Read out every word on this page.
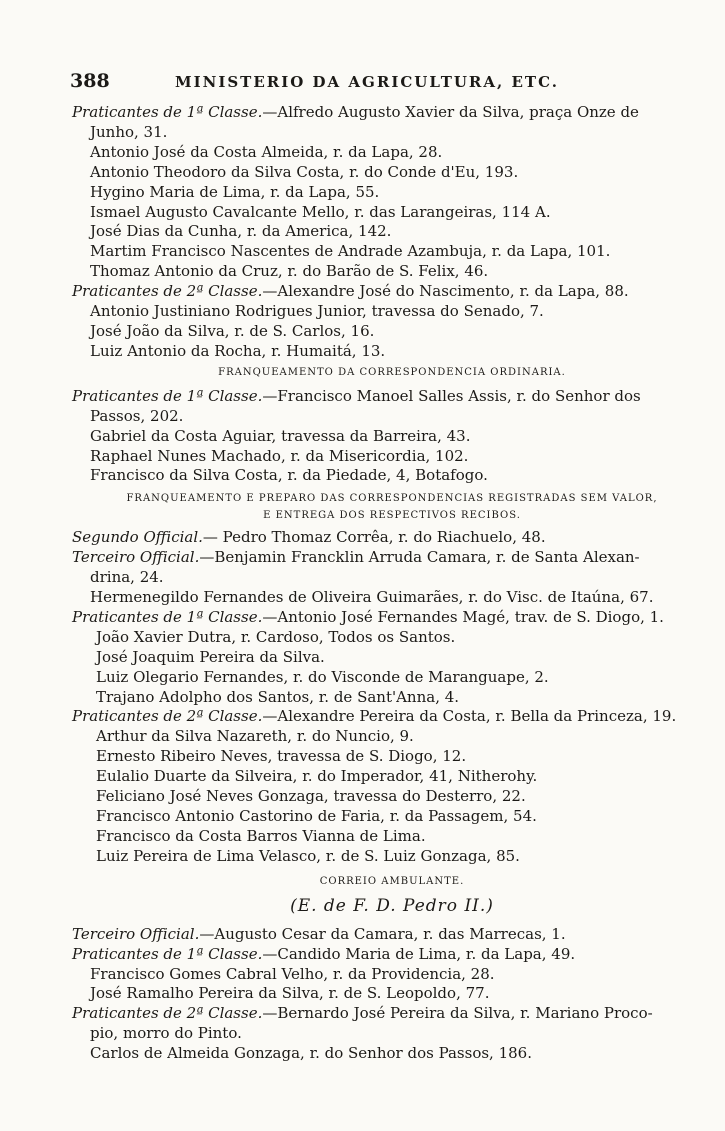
388	MINISTERIO DA AGRICULTURA, ETC.
Praticantes de 1ª Classe.—Alfredo Augusto Xavier da Silva, praça Onze de
Junho, 31.
Antonio José da Costa Almeida, r. da Lapa, 28.
Antonio Theodoro da Silva Costa, r. do Conde d'Eu, 193.
Hygino Maria de Lima, r. da Lapa, 55.
Ismael Augusto Cavalcante Mello, r. das Larangeiras, 114 A.
José Dias da Cunha, r. da America, 142.
Martim Francisco Nascentes de Andrade Azambuja, r. da Lapa, 101.
Thomaz Antonio da Cruz, r. do Barão de S. Felix, 46.
Praticantes de 2ª Classe.—Alexandre José do Nascimento, r. da Lapa, 88.
Antonio Justiniano Rodrigues Junior, travessa do Senado, 7.
José João da Silva, r. de S. Carlos, 16.
Luiz Antonio da Rocha, r. Humaitá, 13.
FRANQUEAMENTO DA CORRESPONDENCIA ORDINARIA.
Praticantes de 1ª Classe.—Francisco Manoel Salles Assis, r. do Senhor dos
Passos, 202.
Gabriel da Costa Aguiar, travessa da Barreira, 43.
Raphael Nunes Machado, r. da Misericordia, 102.
Francisco da Silva Costa, r. da Piedade, 4, Botafogo.
FRANQUEAMENTO E PREPARO DAS CORRESPONDENCIAS REGISTRADAS SEM VALOR,
E ENTREGA DOS RESPECTIVOS RECIBOS.
Segundo Official.— Pedro Thomaz Corrêa, r. do Riachuelo, 48.
Terceiro Official.—Benjamin Francklin Arruda Camara, r. de Santa Alexan-
drina, 24.
Hermenegildo Fernandes de Oliveira Guimarães, r. do Visc. de Itaúna, 67.
Praticantes de 1ª Classe.—Antonio José Fernandes Magé, trav. de S. Diogo, 1.
João Xavier Dutra, r. Cardoso, Todos os Santos.
José Joaquim Pereira da Silva.
Luiz Olegario Fernandes, r. do Visconde de Maranguape, 2.
Trajano Adolpho dos Santos, r. de Sant'Anna, 4.
Praticantes de 2ª Classe.—Alexandre Pereira da Costa, r. Bella da Princeza, 19.
Arthur da Silva Nazareth, r. do Nuncio, 9.
Ernesto Ribeiro Neves, travessa de S. Diogo, 12.
Eulalio Duarte da Silveira, r. do Imperador, 41, Nitherohy.
Feliciano José Neves Gonzaga, travessa do Desterro, 22.
Francisco Antonio Castorino de Faria, r. da Passagem, 54.
Francisco da Costa Barros Vianna de Lima.
Luiz Pereira de Lima Velasco, r. de S. Luiz Gonzaga, 85.
CORREIO AMBULANTE.
(E. de F. D. Pedro II.)
Terceiro Official.—Augusto Cesar da Camara, r. das Marrecas, 1.
Praticantes de 1ª Classe.—Candido Maria de Lima, r. da Lapa, 49.
Francisco Gomes Cabral Velho, r. da Providencia, 28.
José Ramalho Pereira da Silva, r. de S. Leopoldo, 77.
Praticantes de 2ª Classe.—Bernardo José Pereira da Silva, r. Mariano Proco-
pio, morro do Pinto.
Carlos de Almeida Gonzaga, r. do Senhor dos Passos, 186.
